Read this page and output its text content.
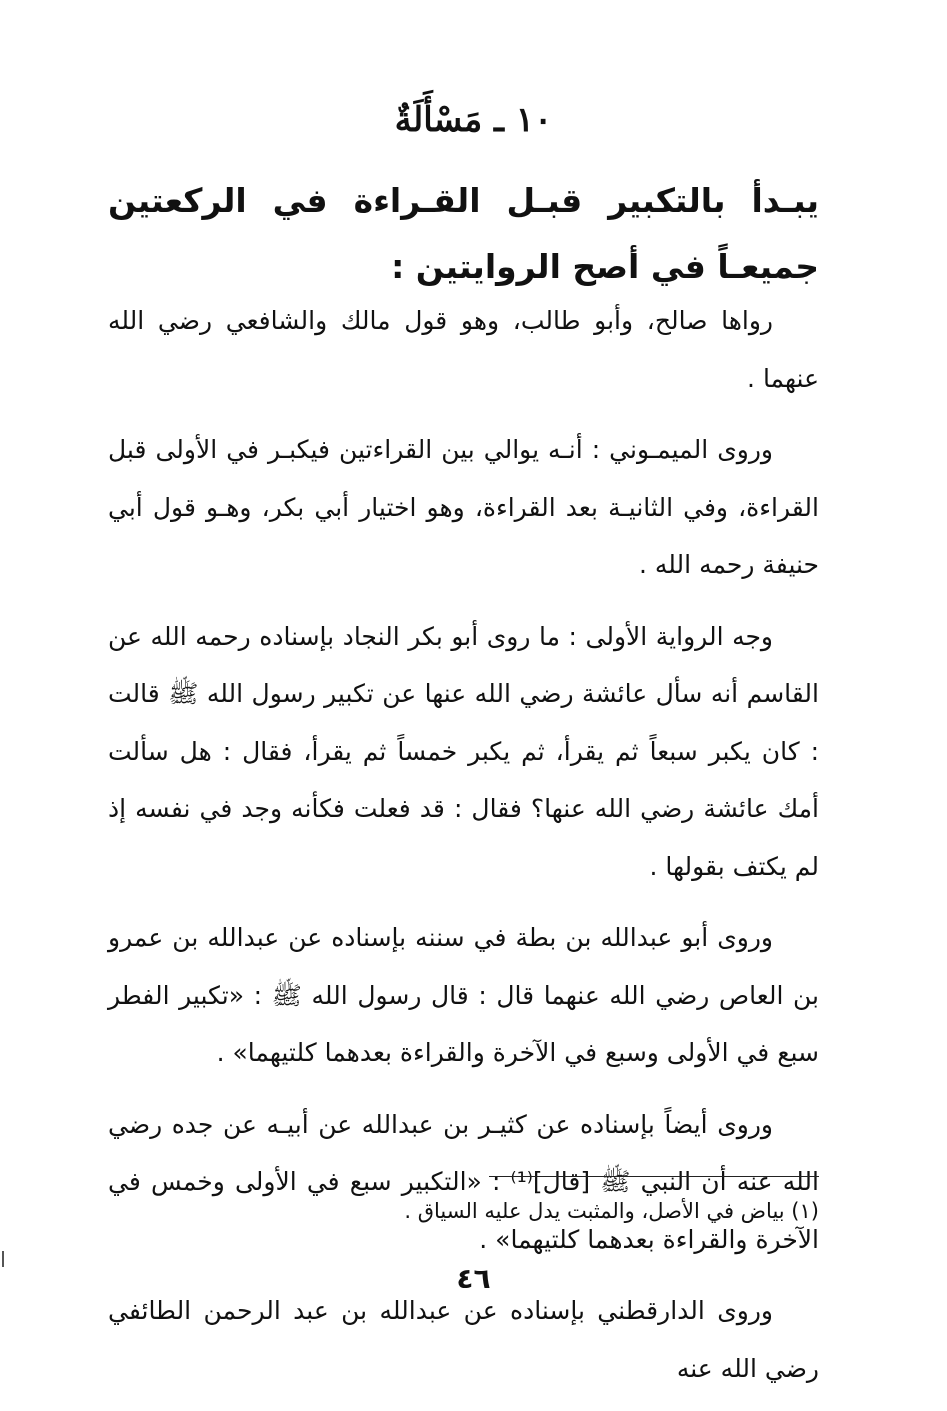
١٠ ـ مَسْأَلَةٌ
يبـدأ بالتكبير قبـل القـراءة في الركعتين جميعـاً في أصح الروايتين :

رواها صالح، وأبو طالب، وهو قول مالك والشافعي رضي الله عنهما .

وروى الميمـوني : أنـه يوالي بين القراءتين فيكبـر في الأولى قبل القراءة، وفي الثانيـة بعد القراءة، وهو اختيار أبي بكر، وهـو قول أبي حنيفة رحمه الله .

وجه الرواية الأولى : ما روى أبو بكر النجاد بإسناده رحمه الله عن القاسم أنه سأل عائشة رضي الله عنها عن تكبير رسول الله ﷺ قالت : كان يكبر سبعاً ثم يقرأ، ثم يكبر خمساً ثم يقرأ، فقال : هل سألت أمك عائشة رضي الله عنها؟ فقال : قد فعلت فكأنه وجد في نفسه إذ لم يكتف بقولها .

وروى أبو عبدالله بن بطة في سننه بإسناده عن عبدالله بن عمرو بن العاص رضي الله عنهما قال : قال رسول الله ﷺ : «تكبير الفطر سبع في الأولى وسبع في الآخرة والقراءة بعدهما كلتيهما» .

وروى أيضاً بإسناده عن كثيـر بن عبدالله عن أبيـه عن جده رضي الله عنه أن النبي ﷺ [قال]⁽¹⁾ : «التكبير سبع في الأولى وخمس في الآخرة والقراءة بعدهما كلتيهما» .

وروى الدارقطني بإسناده عن عبدالله بن عبد الرحمن الطائفي رضي الله عنه

(١) بياض في الأصل، والمثبت يدل عليه السياق .
٤٦
